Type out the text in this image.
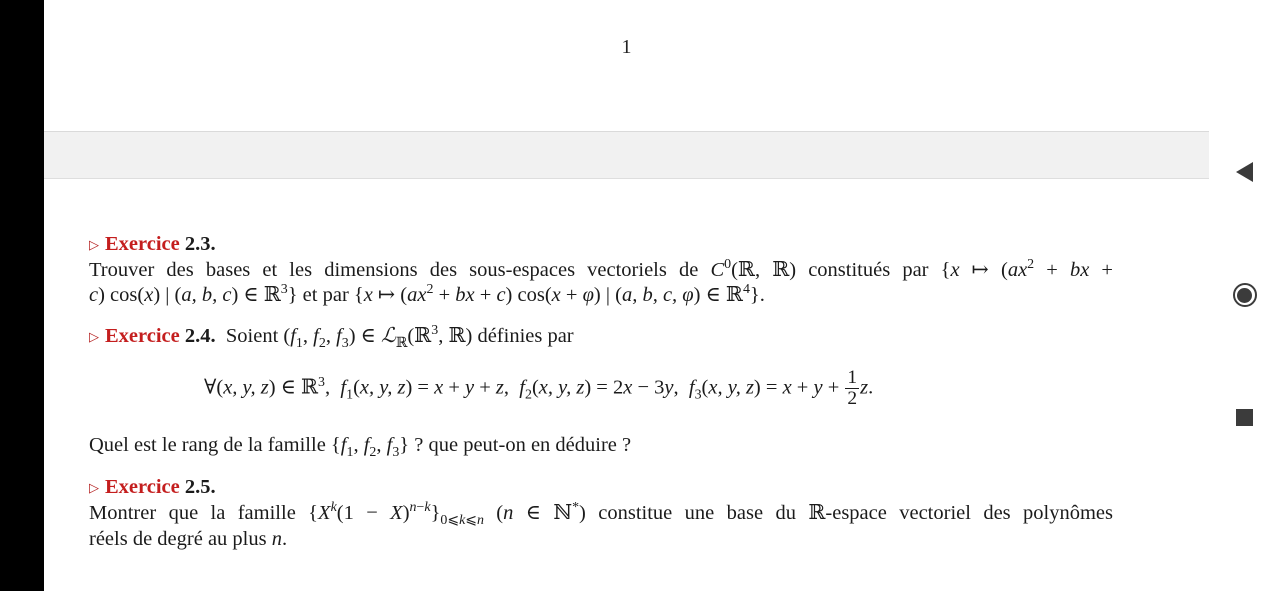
1
▷ Exercice 2.3.
Trouver des bases et les dimensions des sous-espaces vectoriels de $C^0(ℝ$, ℝ) constitués par {x ↦ ($ax^2$ + bx +
c) cos(x) | (a, b, c) ∈ ℝ$^3$} et par {x ↦ ($ax^2$ + bx + c) cos(x + φ) | (a, b, c, φ) ∈ ℝ$^4$}.
▷ Exercice 2.4.  Soient ($f_1$, $f_2$, $f_3$) ∈ ℒ$_ℝ$(ℝ$^3$, ℝ) définies par
∀(x, y, z) ∈ ℝ$^3$,  $f_1(x$, y, z) = x + y + z,  $f_2(x$, y, z) = 2x − 3y,  $f_3(x$, y, $z) = x + y + \frac{1}{2} z$.
Quel est le rang de la famille {$f_1$, $f_2$, $f_3$} ? que peut-on en déduire ?
▷ Exercice 2.5.
Montrer que la famille $\{X^k(1 - X)^{n-k}\}_{0⩽k⩽n}$ (n ∈ ℕ*) constitue une base du ℝ-espace vectoriel des polynômes
réels de degré au plus n.
